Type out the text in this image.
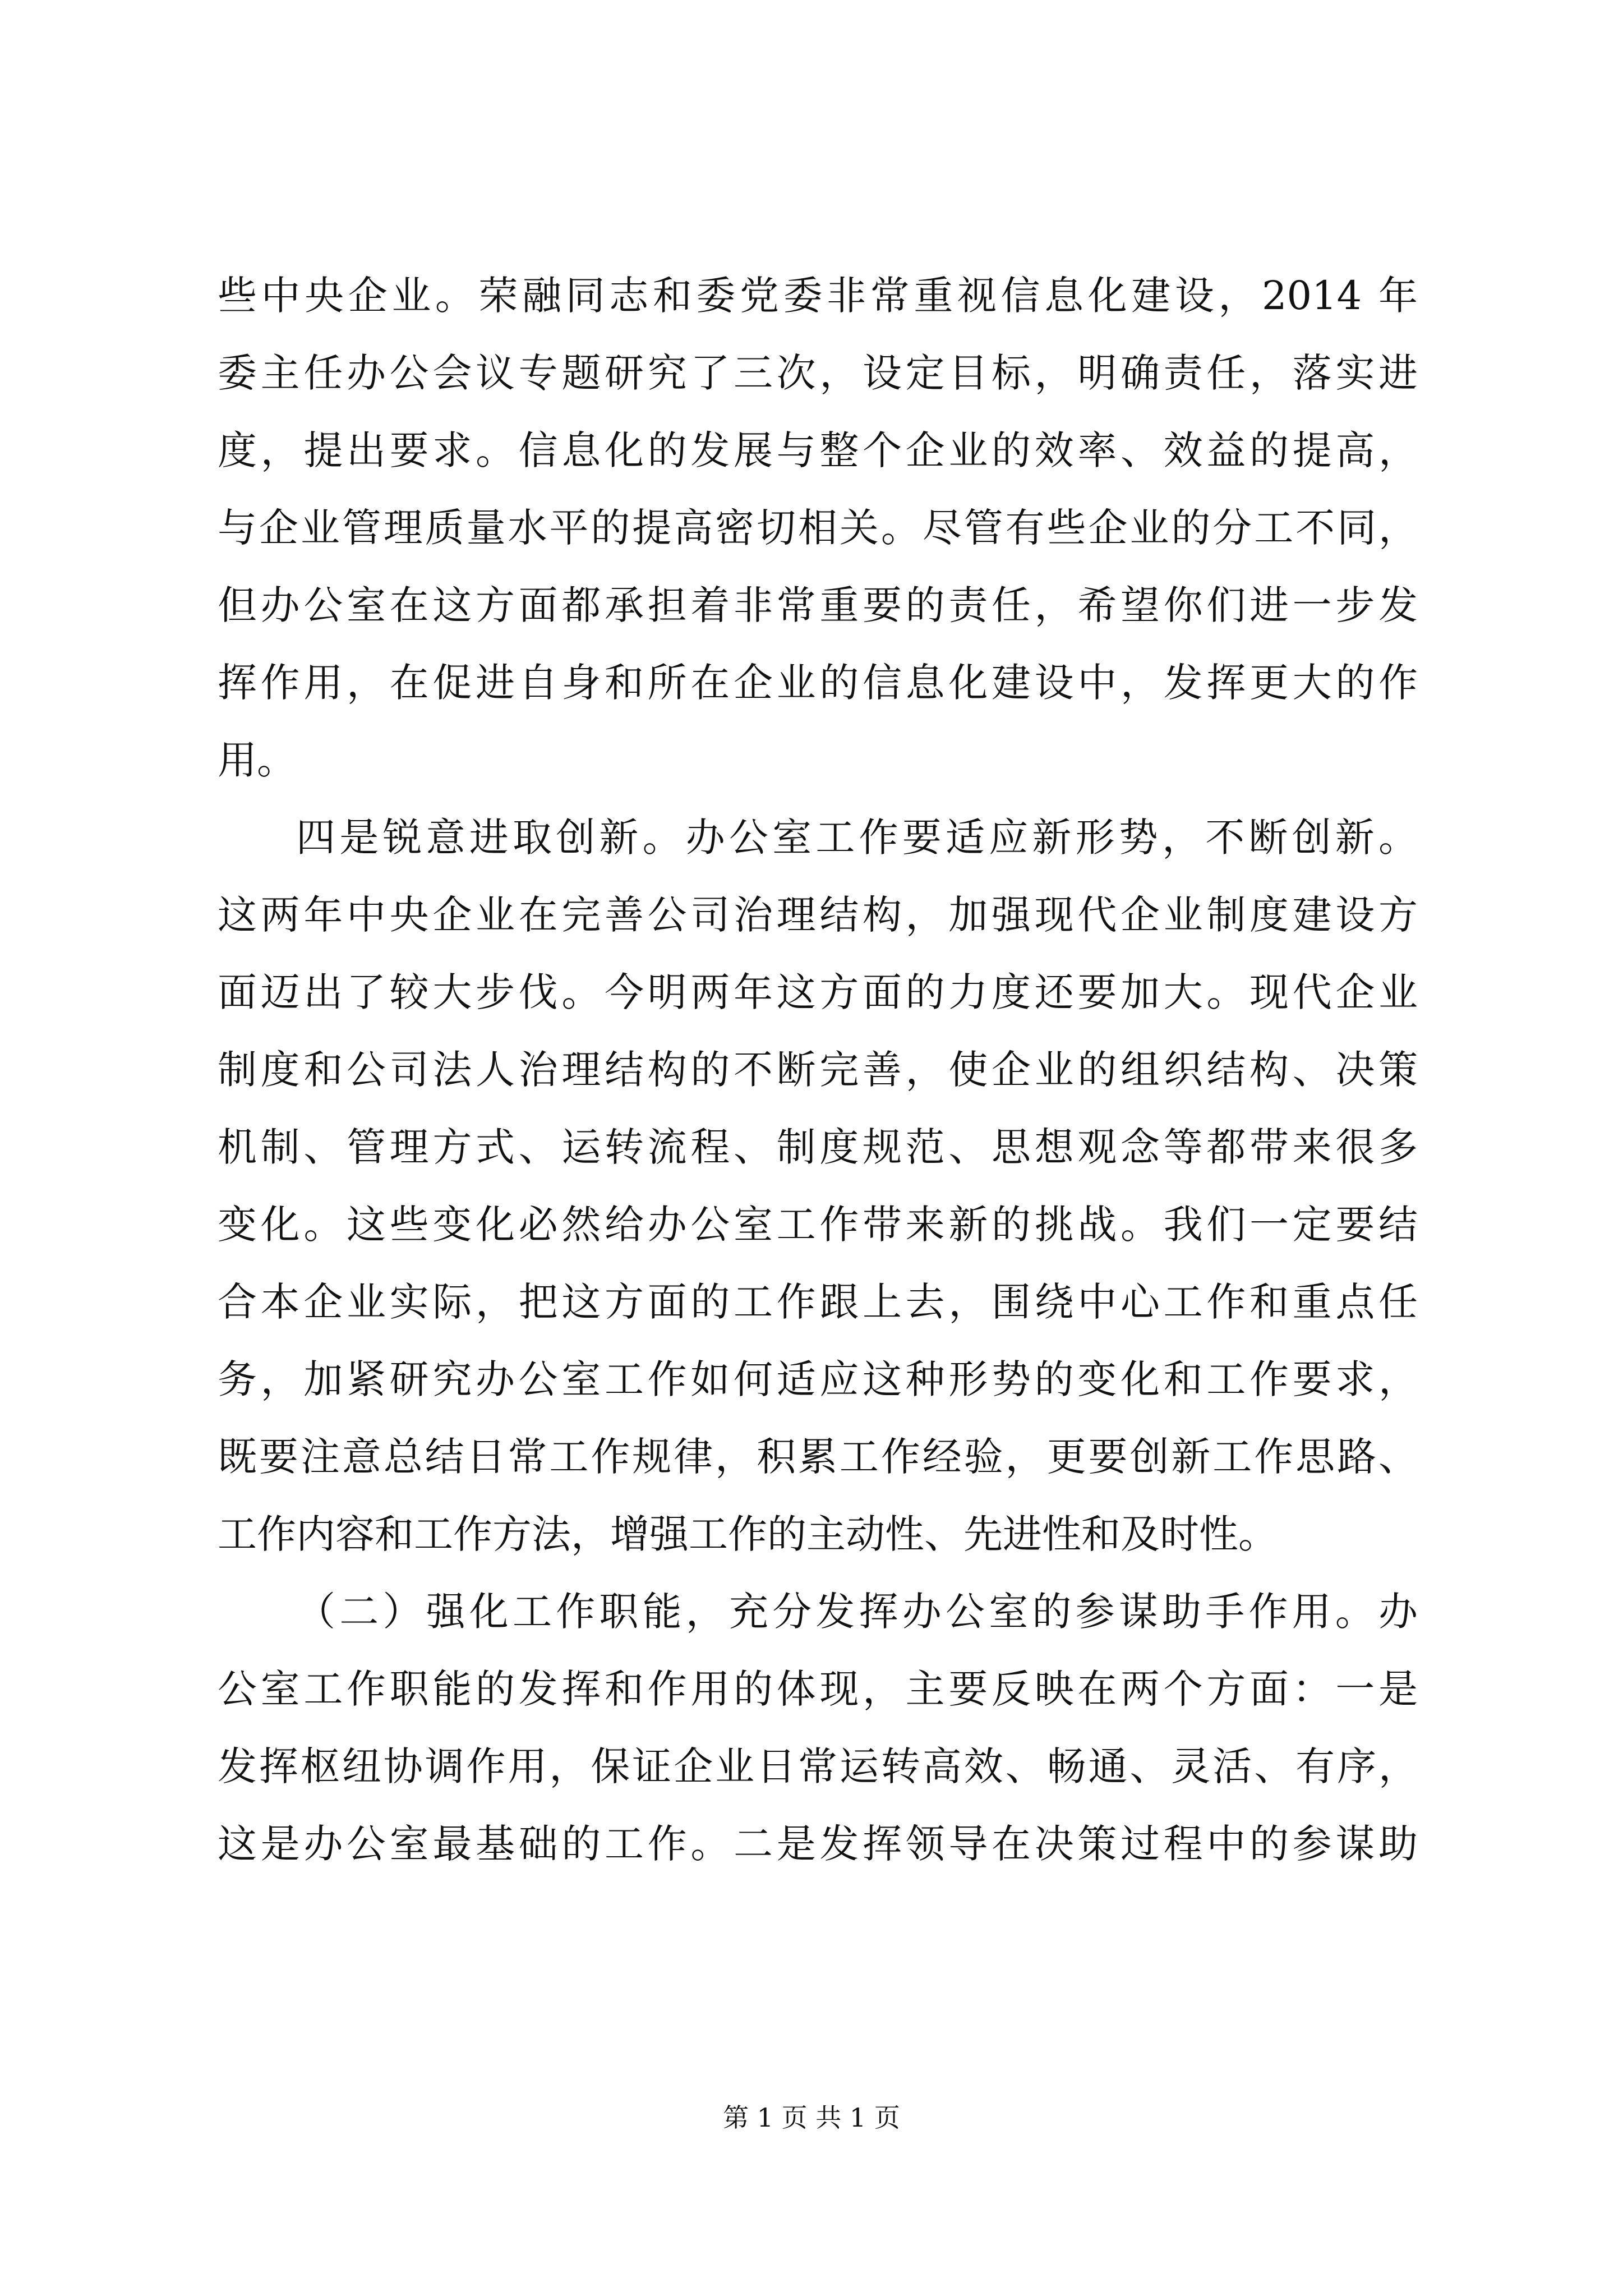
些中央企业。荣融同志和委党委非常重视信息化建设，2014 年
委主任办公会议专题研究了三次，设定目标，明确责任，落实进
度，提出要求。信息化的发展与整个企业的效率、效益的提高，
与企业管理质量水平的提高密切相关。尽管有些企业的分工不同，
但办公室在这方面都承担着非常重要的责任，希望你们进一步发
挥作用，在促进自身和所在企业的信息化建设中，发挥更大的作
用。
四是锐意进取创新。办公室工作要适应新形势，不断创新。
这两年中央企业在完善公司治理结构，加强现代企业制度建设方
面迈出了较大步伐。今明两年这方面的力度还要加大。现代企业
制度和公司法人治理结构的不断完善，使企业的组织结构、决策
机制、管理方式、运转流程、制度规范、思想观念等都带来很多
变化。这些变化必然给办公室工作带来新的挑战。我们一定要结
合本企业实际，把这方面的工作跟上去，围绕中心工作和重点任
务，加紧研究办公室工作如何适应这种形势的变化和工作要求，
既要注意总结日常工作规律，积累工作经验，更要创新工作思路、
工作内容和工作方法，增强工作的主动性、先进性和及时性。
（二）强化工作职能，充分发挥办公室的参谋助手作用。办
公室工作职能的发挥和作用的体现，主要反映在两个方面：一是
发挥枢纽协调作用，保证企业日常运转高效、畅通、灵活、有序，
这是办公室最基础的工作。二是发挥领导在决策过程中的参谋助
第 1 页 共 1 页
